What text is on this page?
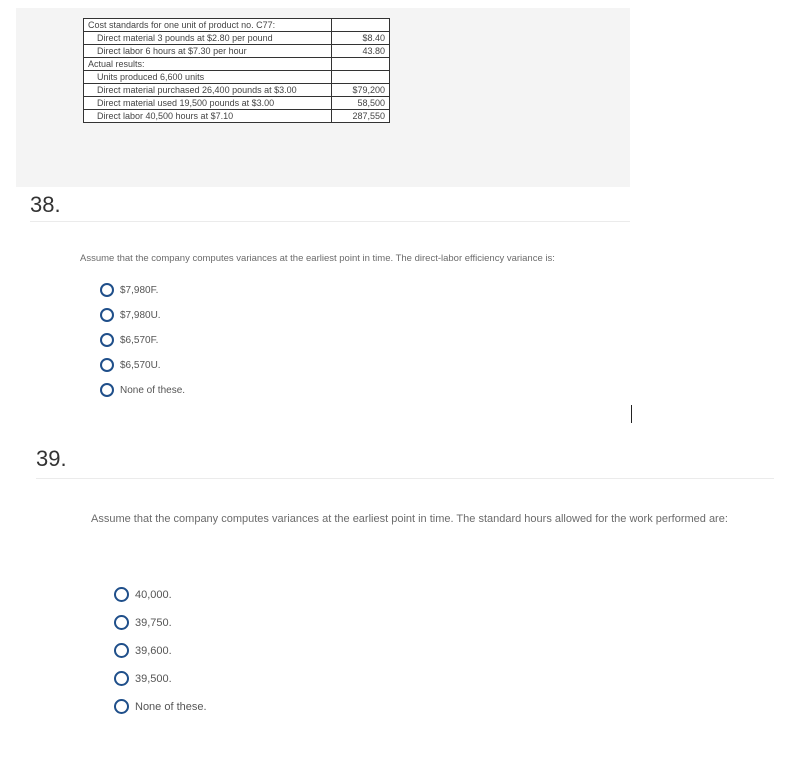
Cost standards for one unit of product no. C77:	
Direct material 3 pounds at $2.80 per pound	$8.40
Direct labor 6 hours at $7.30 per hour	43.80
Actual results:	
Units produced 6,600 units	
Direct material purchased 26,400 pounds at $3.00	$79,200
Direct material used 19,500 pounds at $3.00	58,500
Direct labor 40,500 hours at $7.10	287,550
38.
Assume that the company computes variances at the earliest point in time. The direct-labor efficiency variance is:
$7,980F.
$7,980U.
$6,570F.
$6,570U.
None of these.
39.
Assume that the company computes variances at the earliest point in time. The standard hours allowed for the work performed are:
40,000.
39,750.
39,600.
39,500.
None of these.
